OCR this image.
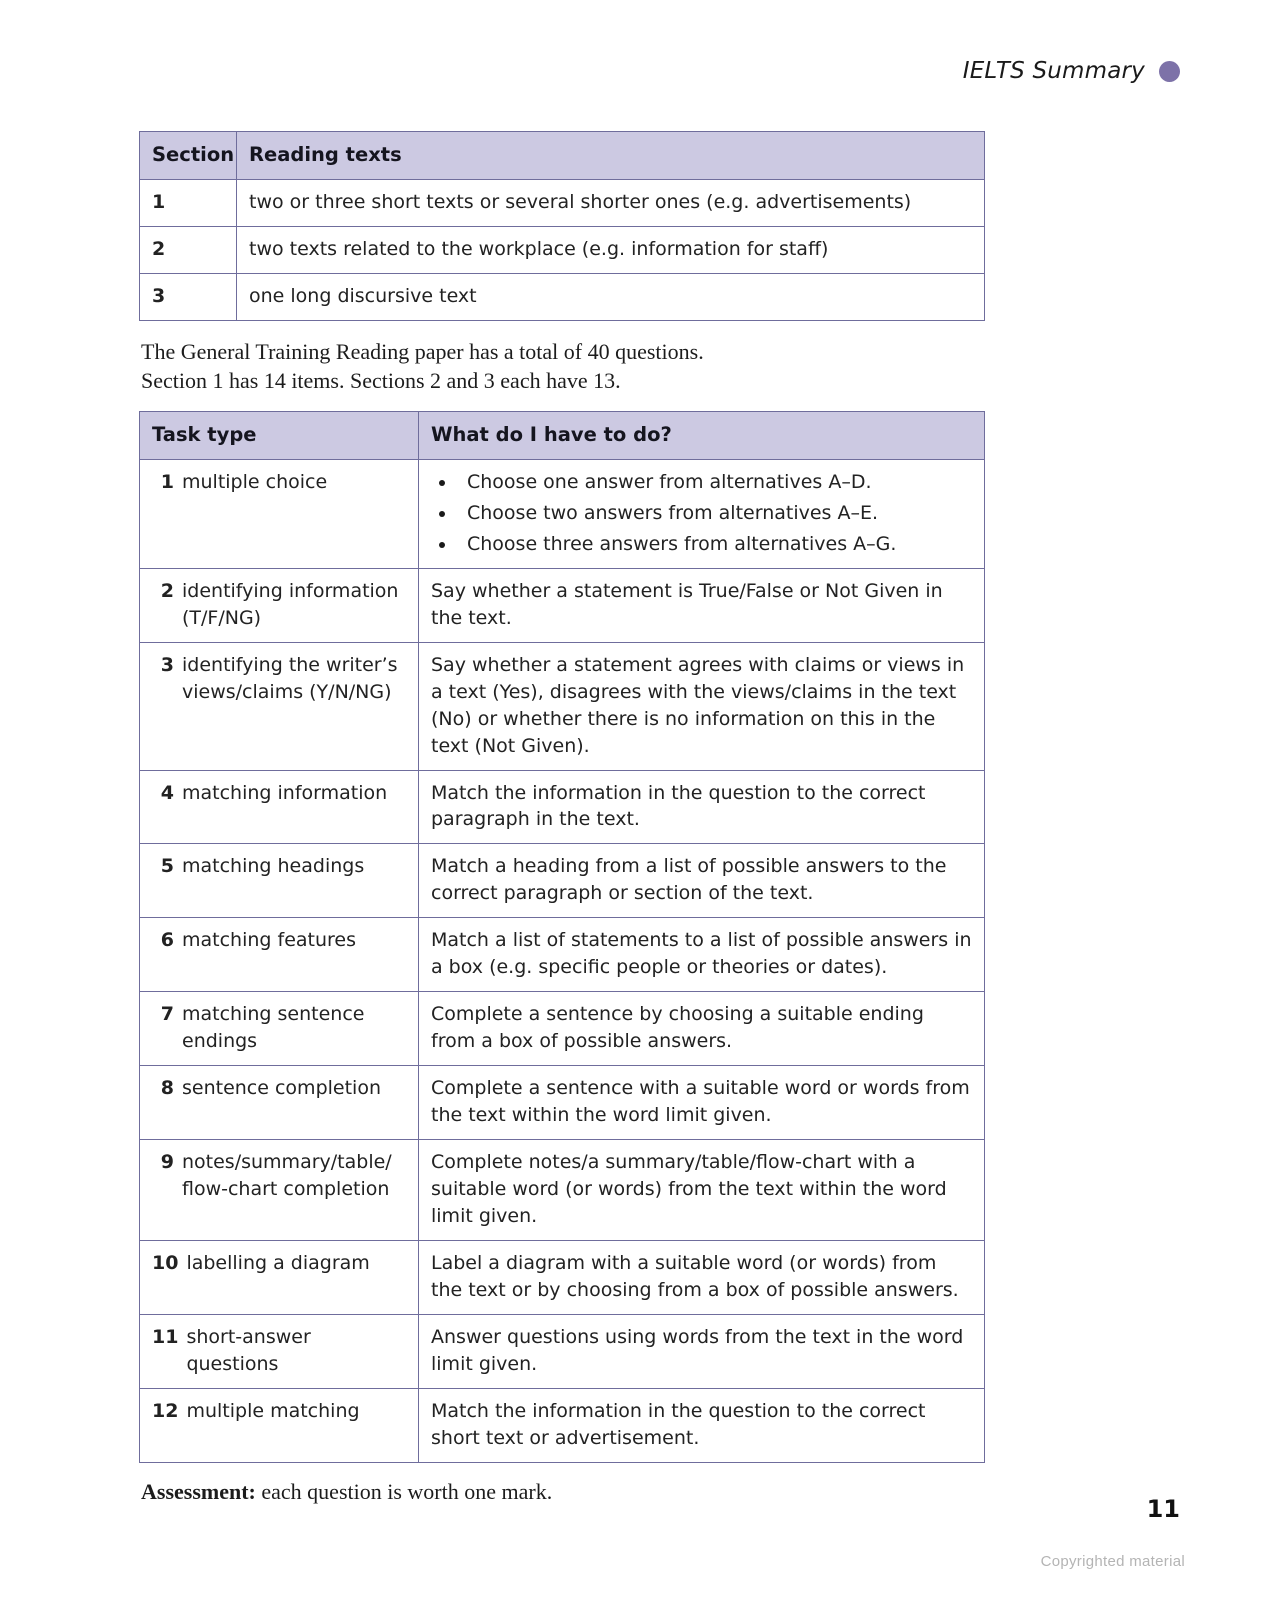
IELTS Summary
Section	Reading texts
1	two or three short texts or several shorter ones (e.g. advertisements)
2	two texts related to the workplace (e.g. information for staff)
3	one long discursive text
The General Training Reading paper has a total of 40 questions.
Section 1 has 14 items. Sections 2 and 3 each have 13.
Task type	What do I have to do?

1 multiple choice	Choose one answer from alternatives A–D.
Choose two answers from alternatives A–E.
Choose three answers from alternatives A–G.

2 identifying information (T/F/NG)	Say whether a statement is True/False or Not Given in the text.

3 identifying the writer’s views/claims (Y/N/NG)	Say whether a statement agrees with claims or views in a text (Yes), disagrees with the views/claims in the text (No) or whether there is no information on this in the text (Not Given).

4 matching information	Match the information in the question to the correct paragraph in the text.

5 matching headings	Match a heading from a list of possible answers to the correct paragraph or section of the text.

6 matching features	Match a list of statements to a list of possible answers in a box (e.g. specific people or theories or dates).

7 matching sentence endings	Complete a sentence by choosing a suitable ending from a box of possible answers.

8 sentence completion	Complete a sentence with a suitable word or words from the text within the word limit given.

9 notes/summary/table/ flow-chart completion	Complete notes/a summary/table/flow-chart with a suitable word (or words) from the text within the word limit given.

10 labelling a diagram	Label a diagram with a suitable word (or words) from the text or by choosing from a box of possible answers.

11 short-answer questions	Answer questions using words from the text in the word limit given.

12 multiple matching	Match the information in the question to the correct short text or advertisement.

Assessment: each question is worth one mark.

11
Copyrighted material
